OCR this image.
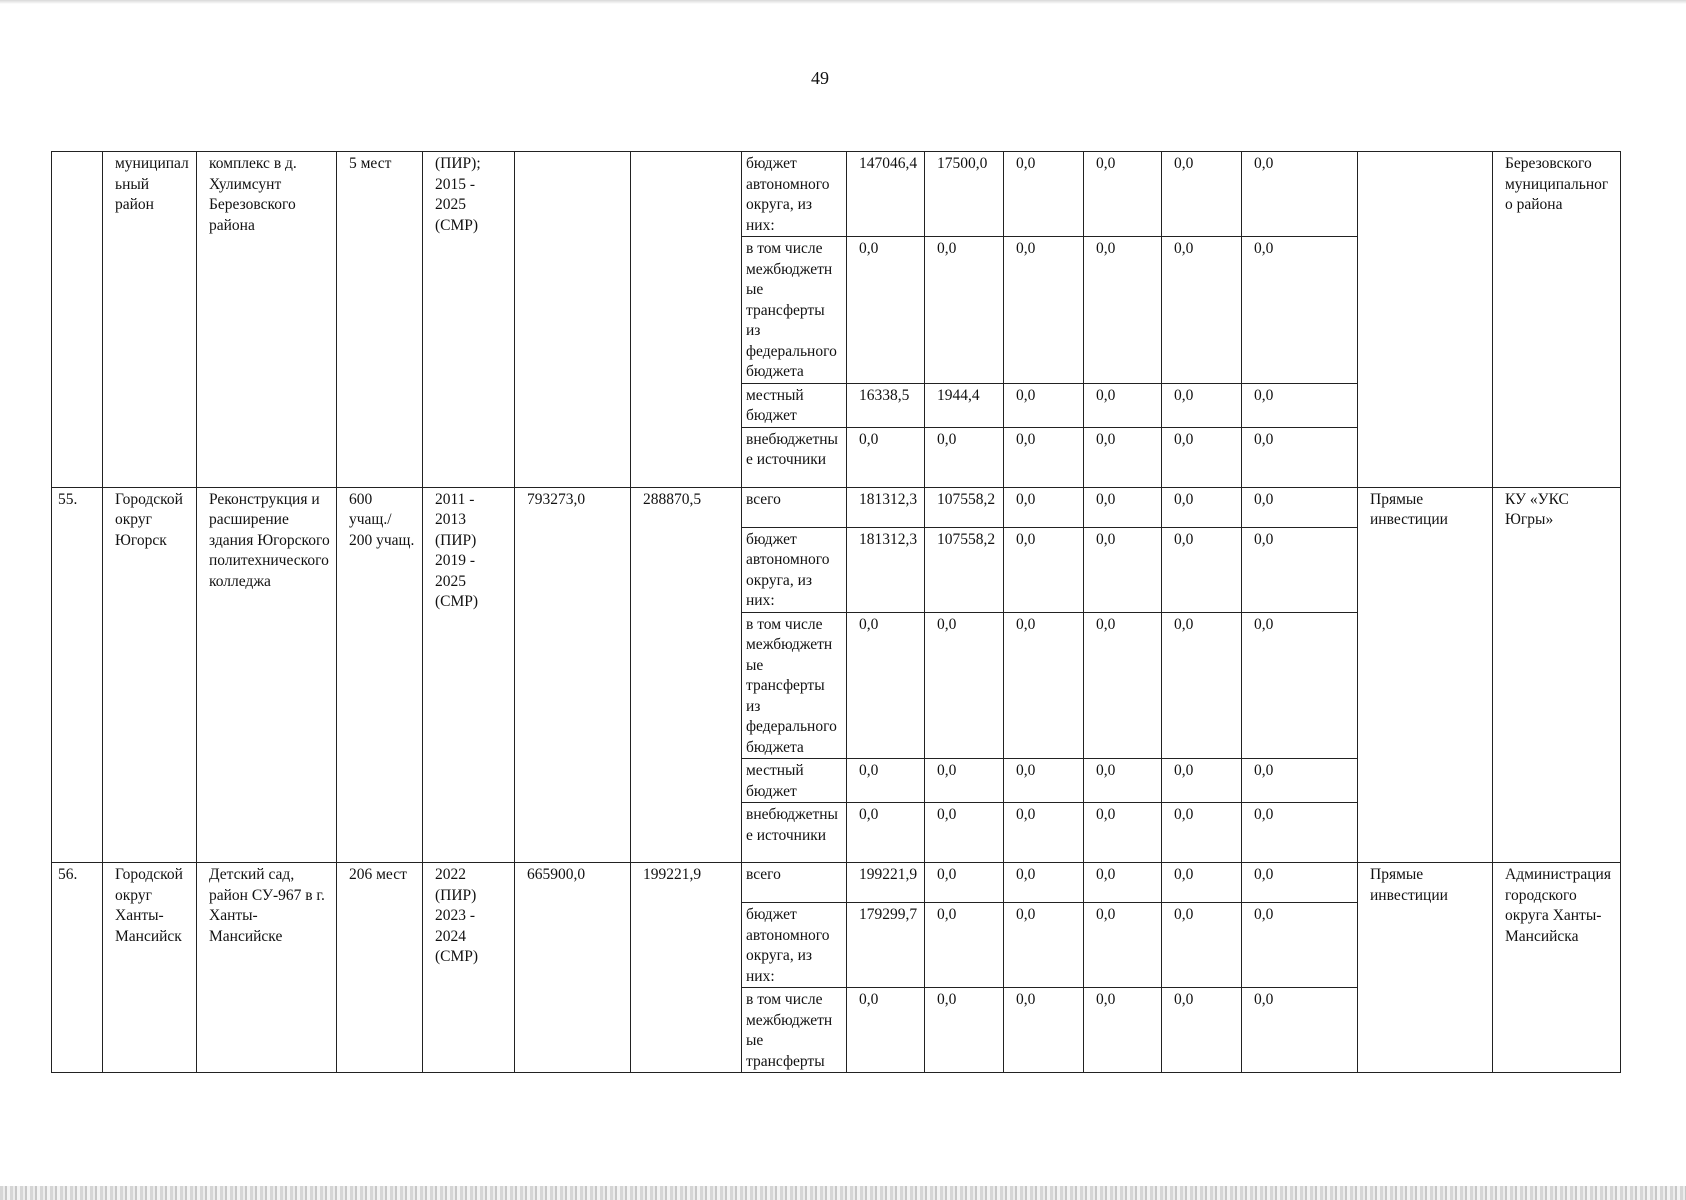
49
	муниципальный район	комплекс в д. Хулимсунт Березовского района	5 мест	(ПИР); 2015 - 2025 (СМР)			бюджет автономного округа, из них:	147046,4	17500,0	0,0	0,0	0,0	0,0		Березовского муниципального района
							в том числе межбюджетные трансферты из федерального бюджета	0,0	0,0	0,0	0,0	0,0	0,0		
							местный бюджет	16338,5	1944,4	0,0	0,0	0,0	0,0		
							внебюджетные источники	0,0	0,0	0,0	0,0	0,0	0,0		
55.	Городской округ Югорск	Реконструкция и расширение здания Югорского политехнического колледжа	600 учащ./ 200 учащ.	2011 - 2013 (ПИР) 2019 - 2025 (СМР)	793273,0	288870,5	всего	181312,3	107558,2	0,0	0,0	0,0	0,0	Прямые инвестиции	КУ «УКС Югры»
							бюджет автономного округа, из них:	181312,3	107558,2	0,0	0,0	0,0	0,0		
							в том числе межбюджетные трансферты из федерального бюджета	0,0	0,0	0,0	0,0	0,0	0,0		
							местный бюджет	0,0	0,0	0,0	0,0	0,0	0,0		
							внебюджетные источники	0,0	0,0	0,0	0,0	0,0	0,0		
56.	Городской округ Ханты-Мансийск	Детский сад, район СУ-967 в г. Ханты-Мансийске	206 мест	2022 (ПИР) 2023 - 2024 (СМР)	665900,0	199221,9	всего	199221,9	0,0	0,0	0,0	0,0	0,0	Прямые инвестиции	Администрация городского округа Ханты-Мансийска
							бюджет автономного округа, из них:	179299,7	0,0	0,0	0,0	0,0	0,0		
							в том числе межбюджетные трансферты	0,0	0,0	0,0	0,0	0,0	0,0		
